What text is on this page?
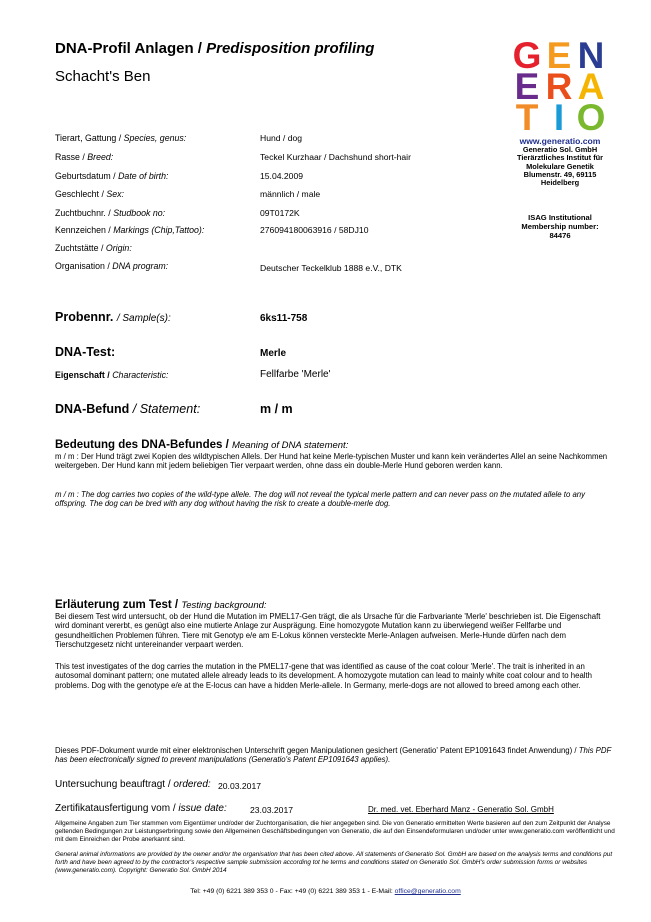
DNA-Profil Anlagen / Predisposition profiling
Schacht's Ben
G E N
E R A
T I O
www.generatio.com
Generatio Sol. GmbH
Tierärztliches Institut für
Molekulare Genetik
Blumenstr. 49, 69115
Heidelberg
ISAG Institutional
Membership number:
84476
Tierart, Gattung / Species, genus:	Hund / dog
Rasse / Breed:	Teckel Kurzhaar / Dachshund short-hair
Geburtsdatum / Date of birth:	15.04.2009
Geschlecht / Sex:	männlich / male
Zuchtbuchnr. / Studbook no:	09T0172K
Kennzeichen / Markings (Chip,Tattoo):	276094180063916 / 58DJ10
Zuchtstätte / Origin:
Organisation / DNA program:	Deutscher Teckelklub 1888 e.V., DTK
Probennr. / Sample(s):	6ks11-758
DNA-Test:	Merle
Eigenschaft / Characteristic:	Fellfarbe 'Merle'
DNA-Befund / Statement:	m / m
Bedeutung des DNA-Befundes / Meaning of DNA statement:
m / m : Der Hund trägt zwei Kopien des wildtypischen Allels. Der Hund hat keine Merle-typischen Muster und kann kein verändertes Allel an seine Nachkommen weitergeben. Der Hund kann mit jedem beliebigen Tier verpaart werden, ohne dass ein double-Merle Hund geboren werden kann.
m / m : The dog carries two copies of the wild-type allele. The dog will not reveal the typical merle pattern and can never pass on the mutated allele to any offspring. The dog can be bred with any dog without having the risk to create a double-merle dog.
Erläuterung zum Test / Testing background:
Bei diesem Test wird untersucht, ob der Hund die Mutation im PMEL17-Gen trägt, die als Ursache für die Farbvariante 'Merle' beschrieben ist. Die Eigenschaft wird dominant vererbt, es genügt also eine mutierte Anlage zur Ausprägung. Eine homozygote Mutation kann zu überwiegend weißer Fellfarbe und gesundheitlichen Problemen führen. Tiere mit Genotyp e/e am E-Lokus können versteckte Merle-Anlagen aufweisen. Merle-Hunde dürfen nach dem Tierschutzgesetz nicht untereinander verpaart werden.
This test investigates of the dog carries the mutation in the PMEL17-gene that was identified as cause of the coat colour 'Merle'. The trait is inherited in an autosomal dominant pattern; one mutated allele already leads to its development. A homozygote mutation can lead to mainly white coat colour and to health problems. Dog with the genotype e/e at the E-locus can have a hidden Merle-allele. In Germany, merle-dogs are not allowed to breed among each other.
Dieses PDF-Dokument wurde mit einer elektronischen Unterschrift gegen Manipulationen gesichert (Generatio' Patent EP1091643 findet Anwendung) / This PDF has been electronically signed to prevent manipulations (Generatio's Patent EP1091643 applies).
Untersuchung beauftragt / ordered: 20.03.2017
Zertifikatausfertigung vom / issue date:	23.03.2017	Dr. med. vet. Eberhard Manz - Generatio Sol. GmbH
Allgemeine Angaben zum Tier stammen vom Eigentümer und/oder der Zuchtorganisation, die hier angegeben sind. Die von Generatio ermittelten Werte basieren auf den zum Zeitpunkt der Analyse geltenden Bedingungen zur Leistungserbringung sowie den Allgemeinen Geschäftsbedingungen von Generatio, die auf den Einsendeformularen und/oder unter www.generatio.com veröffentlicht und mit dem Einreichen der Probe anerkannt sind.
General animal informations are provided by the owner and/or the organisation that has been cited above. All statements of Generatio Sol. GmbH are based on the analysis terms and conditions put forth and have been agreed to by the contractor's respective sample submission according tot he terms and conditions stated on Generatio Sol. GmbH's order submission forms or websites (www.generatio.com). Copyright: Generatio Sol. GmbH 2014
Tel: +49 (0) 6221 389 353 0 - Fax: +49 (0) 6221 389 353 1 - E-Mail: office@generatio.com
